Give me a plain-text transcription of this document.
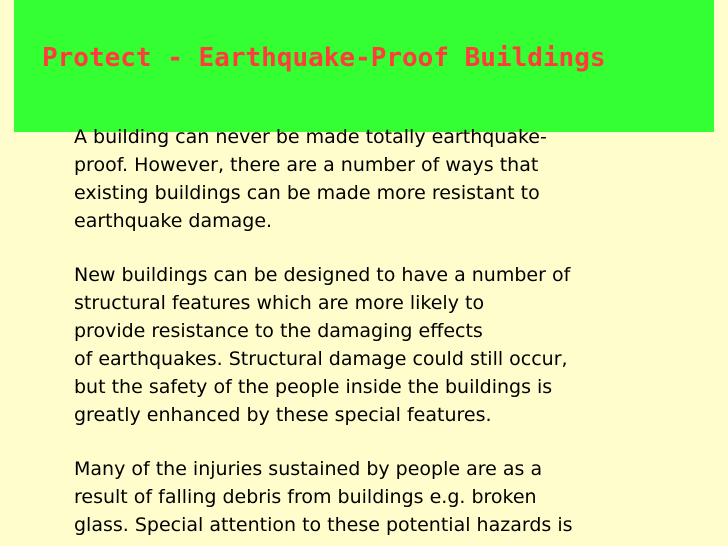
Protect - Earthquake-Proof Buildings

A building can never be made totally earthquake-
proof. However, there are a number of ways that
existing buildings can be made more resistant to
earthquake damage.

New buildings can be designed to have a number of
structural features which are more likely to
provide resistance to the damaging effects
of earthquakes. Structural damage could still occur,
but the safety of the people inside the buildings is
greatly enhanced by these special features.

Many of the injuries sustained by people are as a
result of falling debris from buildings e.g. broken
glass. Special attention to these potential hazards is
